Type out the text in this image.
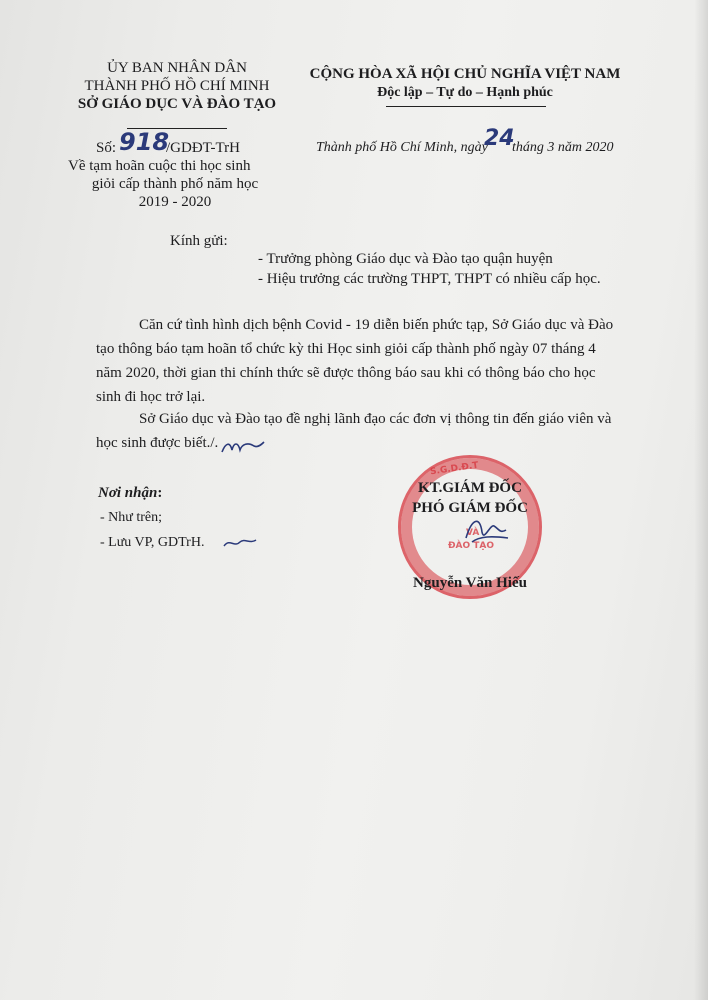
ỦY BAN NHÂN DÂN
THÀNH PHỐ HỒ CHÍ MINH
SỞ GIÁO DỤC VÀ ĐÀO TẠO
CỘNG HÒA XÃ HỘI CHỦ NGHĨA VIỆT NAM
Độc lập – Tự do – Hạnh phúc
Số: 918
/GDĐT-TrH	Thành phố Hồ Chí Minh, ngày
24
tháng 3 năm 2020
Về tạm hoãn cuộc thi học sinh
giỏi cấp thành phố năm học
2019 - 2020
Kính gửi:
- Trưởng phòng Giáo dục và Đào tạo quận huyện
- Hiệu trưởng các trường THPT, THPT có nhiều cấp học.
Căn cứ tình hình dịch bệnh Covid - 19 diễn biến phức tạp, Sở Giáo dục và Đào
tạo thông báo tạm hoãn tổ chức kỳ thi Học sinh giỏi cấp thành phố ngày 07 tháng 4
năm 2020, thời gian thi chính thức sẽ được thông báo sau khi có thông báo cho học
sinh đi học trở lại.
Sở Giáo dục và Đào tạo đề nghị lãnh đạo các đơn vị thông tin đến giáo viên và
học sinh được biết./.
Nơi nhận:
- Như trên;
- Lưu VP, GDTrH.
S.G.D.Đ.T
VÀ
ĐÀO TẠO
KT.GIÁM ĐỐC
PHÓ GIÁM ĐỐC
Nguyễn Văn Hiếu
